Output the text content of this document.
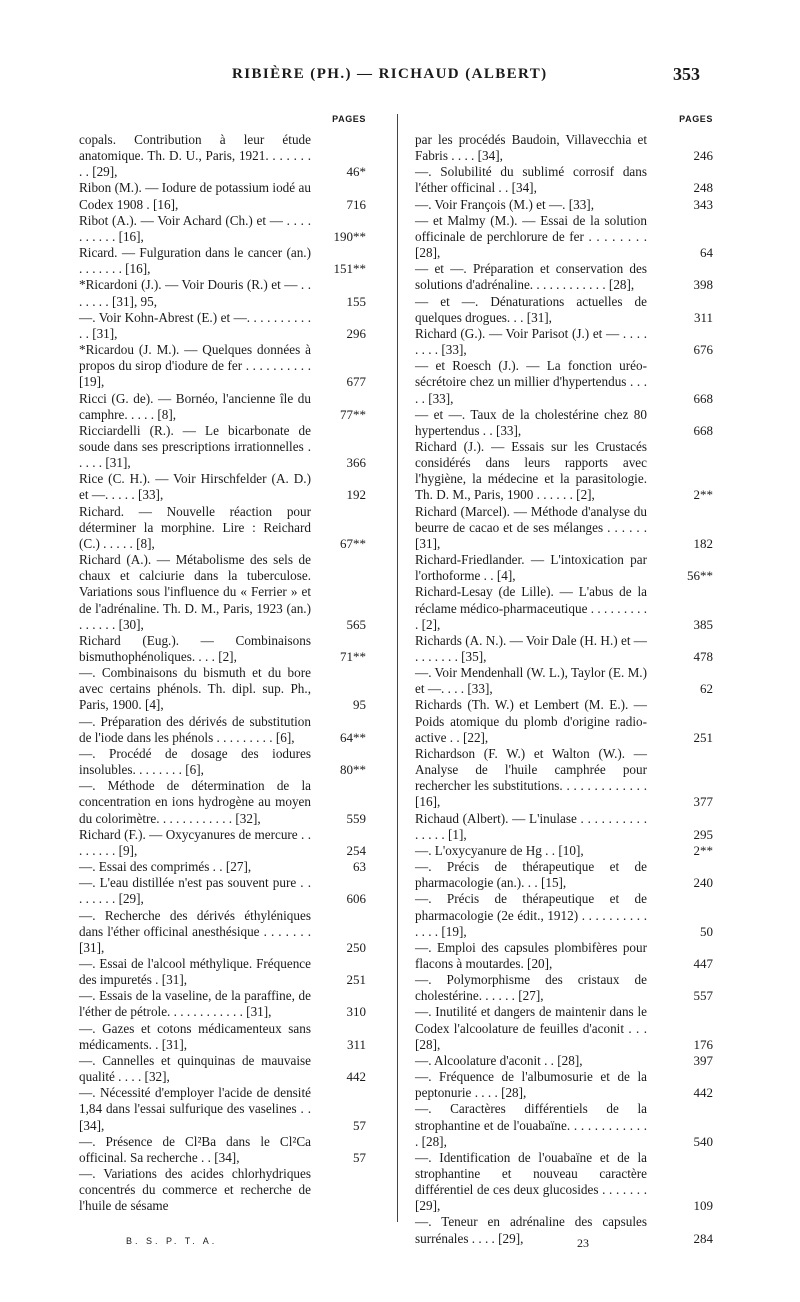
RIBIÈRE (PH.) — RICHAUD (ALBERT)	353
PAGES
copals. Contribution à leur étude anatomique. Th. D. U., Paris, 1921. . . . . . . . . [29],	46*
Ribon (M.). — Iodure de potassium iodé au Codex 1908 . [16],	716
Ribot (A.). — Voir Achard (Ch.) et — . . . . . . . . . . [16],	190**
Ricard. — Fulguration dans le cancer (an.) . . . . . . . [16],	151**
*Ricardoni (J.). — Voir Douris (R.) et — . . . . . . . [31], 95,	155
—. Voir Kohn-Abrest (E.) et —. . . . . . . . . . . . [31],	296
*Ricardou (J. M.). — Quelques données à propos du sirop d'iodure de fer . . . . . . . . . . [19],	677
Ricci (G. de). — Bornéo, l'ancienne île du camphre. . . . . [8],	77**
Ricciardelli (R.). — Le bicarbonate de soude dans ses prescriptions irrationnelles . . . . . [31],	366
Rice (C. H.). — Voir Hirschfelder (A. D.) et —. . . . . [33],	192
Richard. — Nouvelle réaction pour déterminer la morphine. Lire : Reichard (C.) . . . . . [8],	67**
Richard (A.). — Métabolisme des sels de chaux et calciurie dans la tuberculose. Variations sous l'influence du « Ferrier » et de l'adrénaline. Th. D. M., Paris, 1923 (an.) . . . . . . [30],	565
Richard (Eug.). — Combinaisons bismuthophénoliques. . . . [2],	71**
—. Combinaisons du bismuth et du bore avec certains phénols. Th. dipl. sup. Ph., Paris, 1900. [4],	95
—. Préparation des dérivés de substitution de l'iode dans les phénols . . . . . . . . . [6],	64**
—. Procédé de dosage des iodures insolubles. . . . . . . . [6],	80**
—. Méthode de détermination de la concentration en ions hydrogène au moyen du colorimètre. . . . . . . . . . . . [32],	559
Richard (F.). — Oxycyanures de mercure . . . . . . . . [9],	254
—. Essai des comprimés . . [27],	63
—. L'eau distillée n'est pas souvent pure . . . . . . . . [29],	606
—. Recherche des dérivés éthyléniques dans l'éther officinal anesthésique . . . . . . . [31],	250
—. Essai de l'alcool méthylique. Fréquence des impuretés . [31],	251
—. Essais de la vaseline, de la paraffine, de l'éther de pétrole. . . . . . . . . . . . [31],	310
—. Gazes et cotons médicamenteux sans médicaments. . [31],	311
—. Cannelles et quinquinas de mauvaise qualité . . . . [32],	442
—. Nécessité d'employer l'acide de densité 1,84 dans l'essai sulfurique des vaselines . . [34],	57
—. Présence de Cl²Ba dans le Cl²Ca officinal. Sa recherche . . [34],	57
—. Variations des acides chlorhydriques concentrés du commerce et recherche de l'huile de sésame
PAGES
par les procédés Baudoin, Villavecchia et Fabris . . . . [34],	246
—. Solubilité du sublimé corrosif dans l'éther officinal . . [34],	248
—. Voir François (M.) et —. [33],	343
— et Malmy (M.). — Essai de la solution officinale de perchlorure de fer . . . . . . . . [28],	64
— et —. Préparation et conservation des solutions d'adrénaline. . . . . . . . . . . . [28],	398
— et —. Dénaturations actuelles de quelques drogues. . . [31],	311
Richard (G.). — Voir Parisot (J.) et — . . . . . . . . [33],	676
— et Roesch (J.). — La fonction uréo-sécrétoire chez un millier d'hypertendus . . . . . [33],	668
— et —. Taux de la cholestérine chez 80 hypertendus . . [33],	668
Richard (J.). — Essais sur les Crustacés considérés dans leurs rapports avec l'hygiène, la médecine et la parasitologie. Th. D. M., Paris, 1900 . . . . . . [2],	2**
Richard (Marcel). — Méthode d'analyse du beurre de cacao et de ses mélanges . . . . . . [31],	182
Richard-Friedlander. — L'intoxication par l'orthoforme . . [4],	56**
Richard-Lesay (de Lille). — L'abus de la réclame médico-pharmaceutique . . . . . . . . . . [2],	385
Richards (A. N.). — Voir Dale (H. H.) et — . . . . . . . [35],	478
—. Voir Mendenhall (W. L.), Taylor (E. M.) et —. . . . [33],	62
Richards (Th. W.) et Lembert (M. E.). — Poids atomique du plomb d'origine radio-active . . [22],	251
Richardson (F. W.) et Walton (W.). — Analyse de l'huile camphrée pour rechercher les substitutions. . . . . . . . . . . . . [16],	377
Richaud (Albert). — L'inulase . . . . . . . . . . . . . . . [1],	295
—. L'oxycyanure de Hg . . [10],	2**
—. Précis de thérapeutique et de pharmacologie (an.). . . [15],	240
—. Précis de thérapeutique et de pharmacologie (2e édit., 1912) . . . . . . . . . . . . . . [19],	50
—. Emploi des capsules plombifères pour flacons à moutardes. [20],	447
—. Polymorphisme des cristaux de cholestérine. . . . . . [27],	557
—. Inutilité et dangers de maintenir dans le Codex l'alcoolature de feuilles d'aconit . . . [28],	176
—. Alcoolature d'aconit . . [28],	397
—. Fréquence de l'albumosurie et de la peptonurie . . . . [28],	442
—. Caractères différentiels de la strophantine et de l'ouabaïne. . . . . . . . . . . . . [28],	540
—. Identification de l'ouabaïne et de la strophantine et nouveau caractère différentiel de ces deux glucosides . . . . . . . [29],	109
—. Teneur en adrénaline des capsules surrénales . . . . [29],	284
B. S. P. T. A.	23
